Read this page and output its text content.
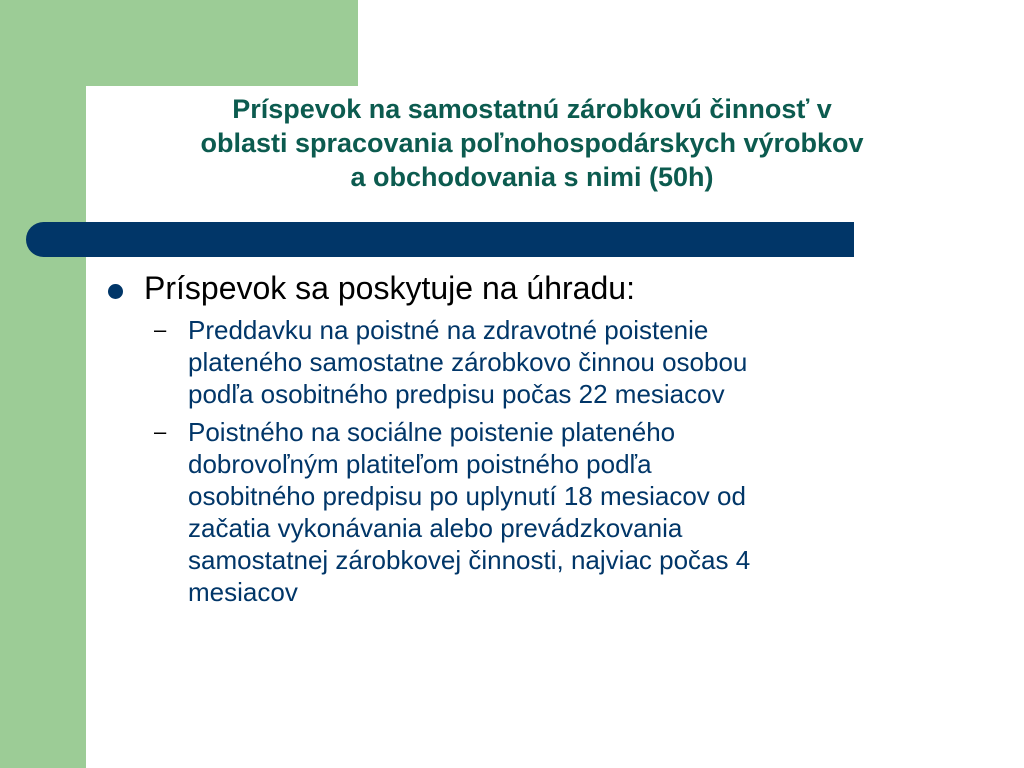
Príspevok na samostatnú zárobkovú činnosť v
oblasti spracovania poľnohospodárskych výrobkov
a obchodovania s nimi (50h)
Príspevok sa poskytuje na úhradu:
– Preddavku na poistné na zdravotné poistenie
plateného samostatne zárobkovo činnou osobou
podľa osobitného predpisu počas 22 mesiacov
– Poistného na sociálne poistenie plateného
dobrovoľným platiteľom poistného podľa
osobitného predpisu po uplynutí 18 mesiacov od
začatia vykonávania alebo prevádzkovania
samostatnej zárobkovej činnosti, najviac počas 4
mesiacov
